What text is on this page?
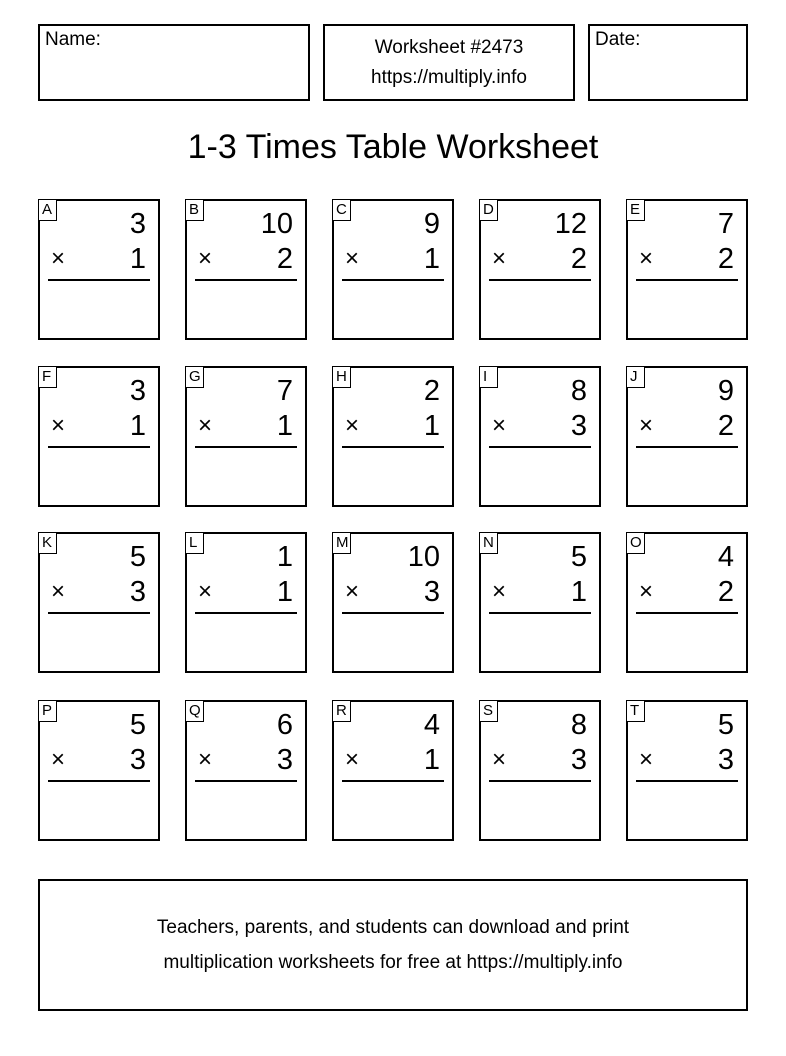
Name:	Worksheet #2473
https://multiply.info
Date:
1-3 Times Table Worksheet
A	3
× 1
B 10
× 2
C	9
× 1
D 12
× 2
E	7
× 2
F	3
× 1
G	7
× 1
H	2
× 1
I	8
× 3
J	9
× 2
K	5
× 3
L	1
× 1
M 10
× 3
N	5
× 1
O	4
× 2
P	5
× 3
Q	6
× 3
R	4
× 1
S	8
× 3
T	5
× 3
Teachers, parents, and students can download and print
multiplication worksheets for free at https://multiply.info
